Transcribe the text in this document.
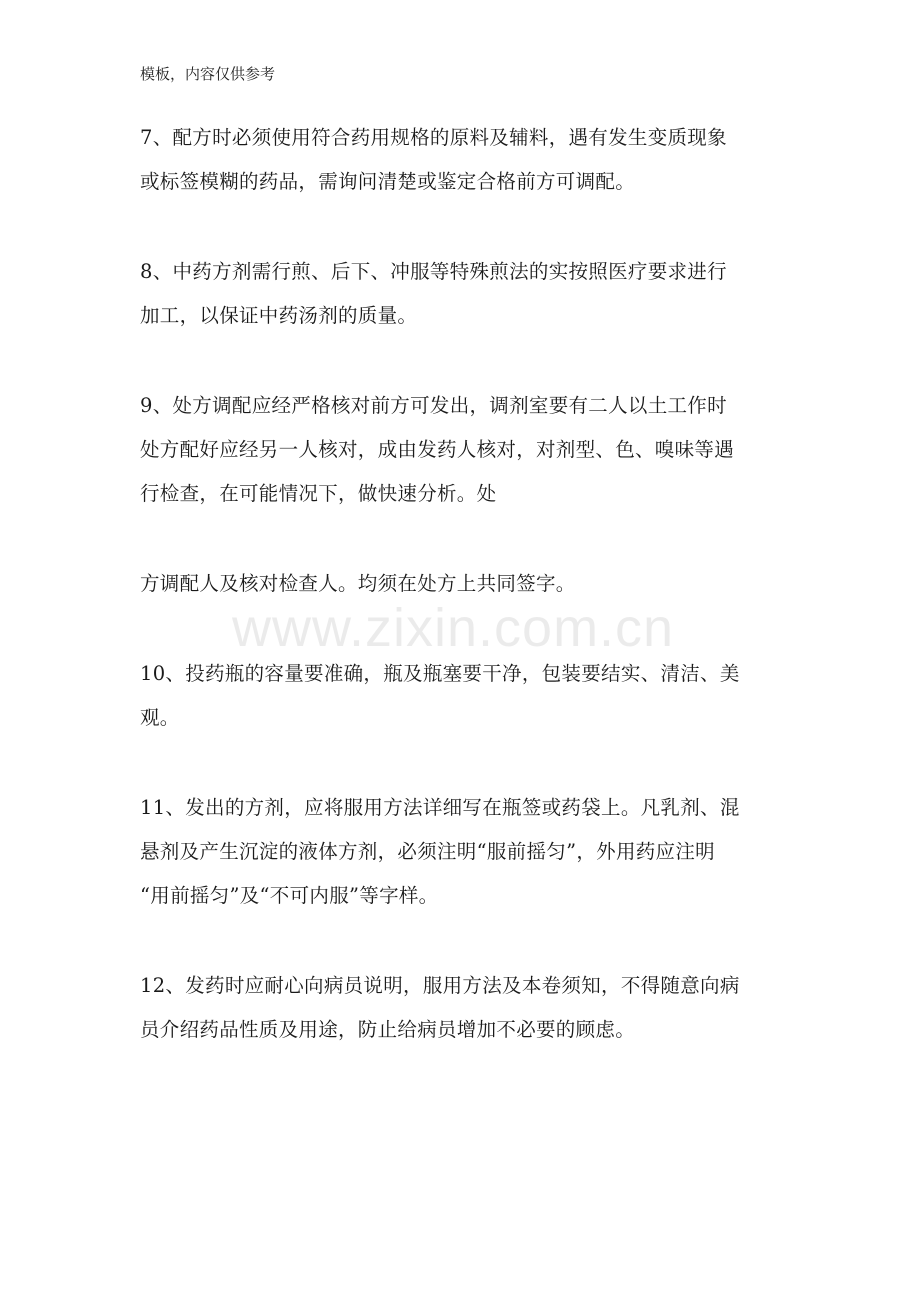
模板，内容仅供参考
www.zixin.com.cn

7、配方时必须使用符合药用规格的原料及辅料，遇有发生变质现象
或标签模糊的药品，需询问清楚或鉴定合格前方可调配。

8、中药方剂需行煎、后下、冲服等特殊煎法的实按照医疗要求进行
加工，以保证中药汤剂的质量。

9、处方调配应经严格核对前方可发出，调剂室要有二人以土工作时
处方配好应经另一人核对，成由发药人核对，对剂型、色、嗅味等遇
行检查，在可能情况下，做快速分析。处

方调配人及核对检查人。均须在处方上共同签字。

10、投药瓶的容量要准确，瓶及瓶塞要干净，包装要结实、清洁、美
观。

11、发出的方剂，应将服用方法详细写在瓶签或药袋上。凡乳剂、混
悬剂及产生沉淀的液体方剂，必须注明“服前摇匀”，外用药应注明
“用前摇匀”及“不可内服”等字样。

12、发药时应耐心向病员说明，服用方法及本卷须知，不得随意向病
员介绍药品性质及用途，防止给病员增加不必要的顾虑。
